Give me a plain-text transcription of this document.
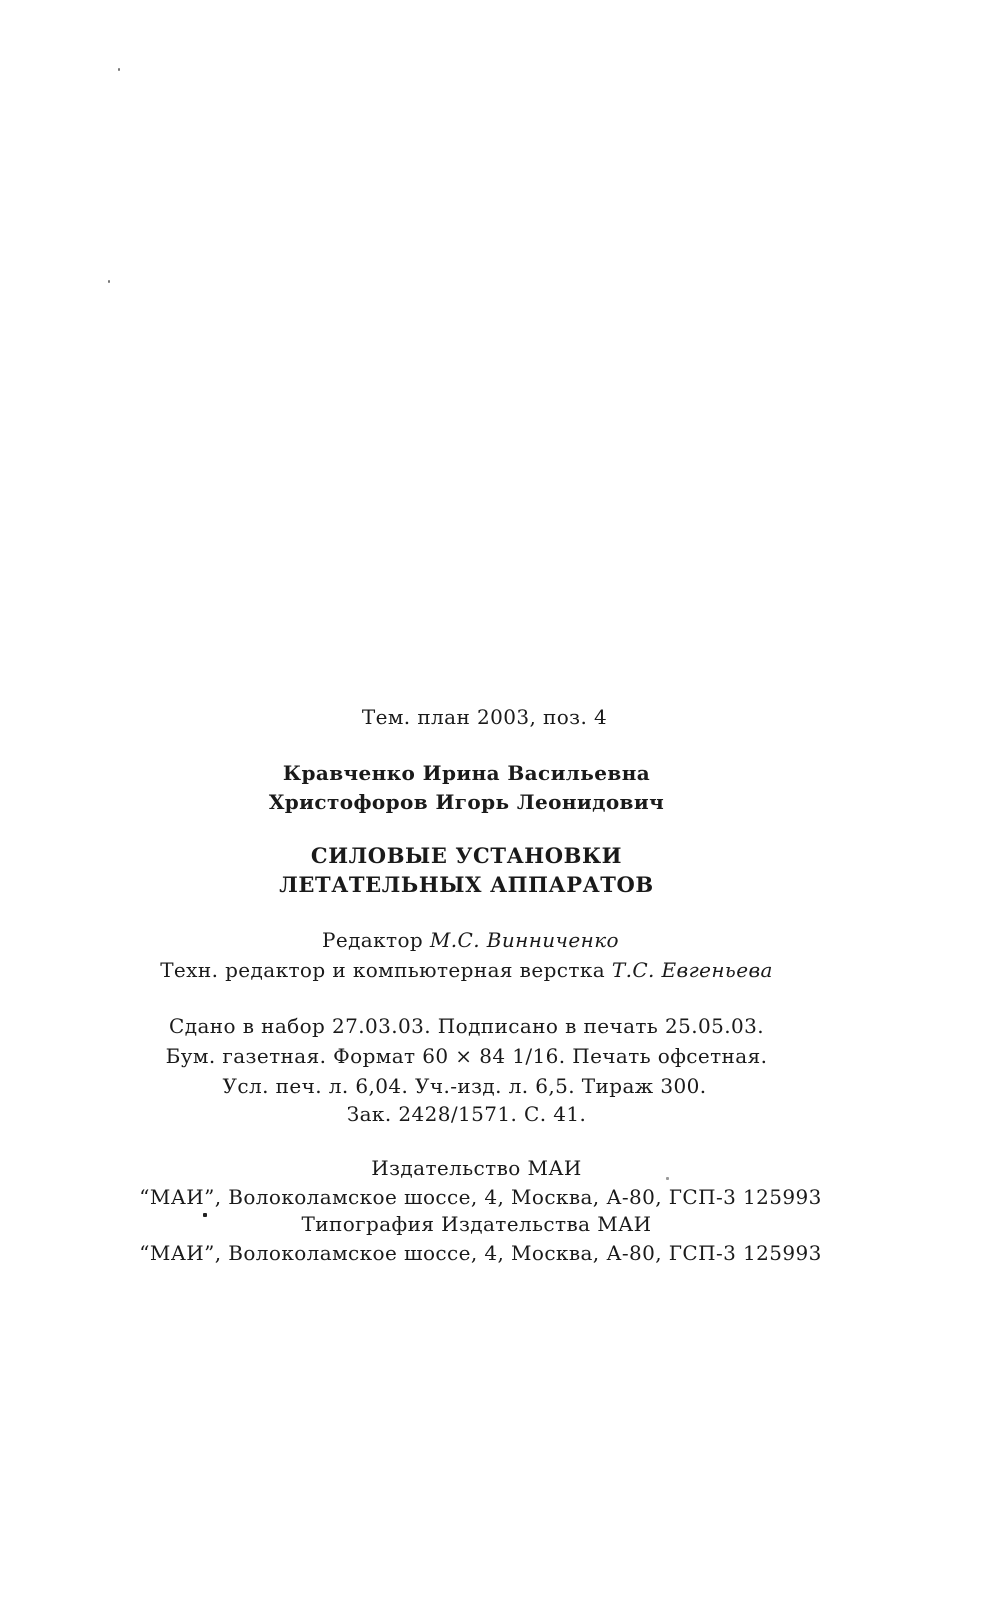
Тем. план 2003, поз. 4
Кравченко Ирина Васильевна
Христофоров Игорь Леонидович
СИЛОВЫЕ УСТАНОВКИ
ЛЕТАТЕЛЬНЫХ АППАРАТОВ
Редактор М.С. Винниченко
Техн. редактор и компьютерная верстка Т.С. Евгеньева
Сдано в набор 27.03.03. Подписано в печать 25.05.03.
Бум. газетная. Формат 60 × 84 1/16. Печать офсетная.
Усл. печ. л. 6,04. Уч.-изд. л. 6,5. Тираж 300.
Зак. 2428/1571. С. 41.
Издательство МАИ
“МАИ”, Волоколамское шоссе, 4, Москва, А-80, ГСП-3 125993
Типография Издательства МАИ
“МАИ”, Волоколамское шоссе, 4, Москва, А-80, ГСП-3 125993
